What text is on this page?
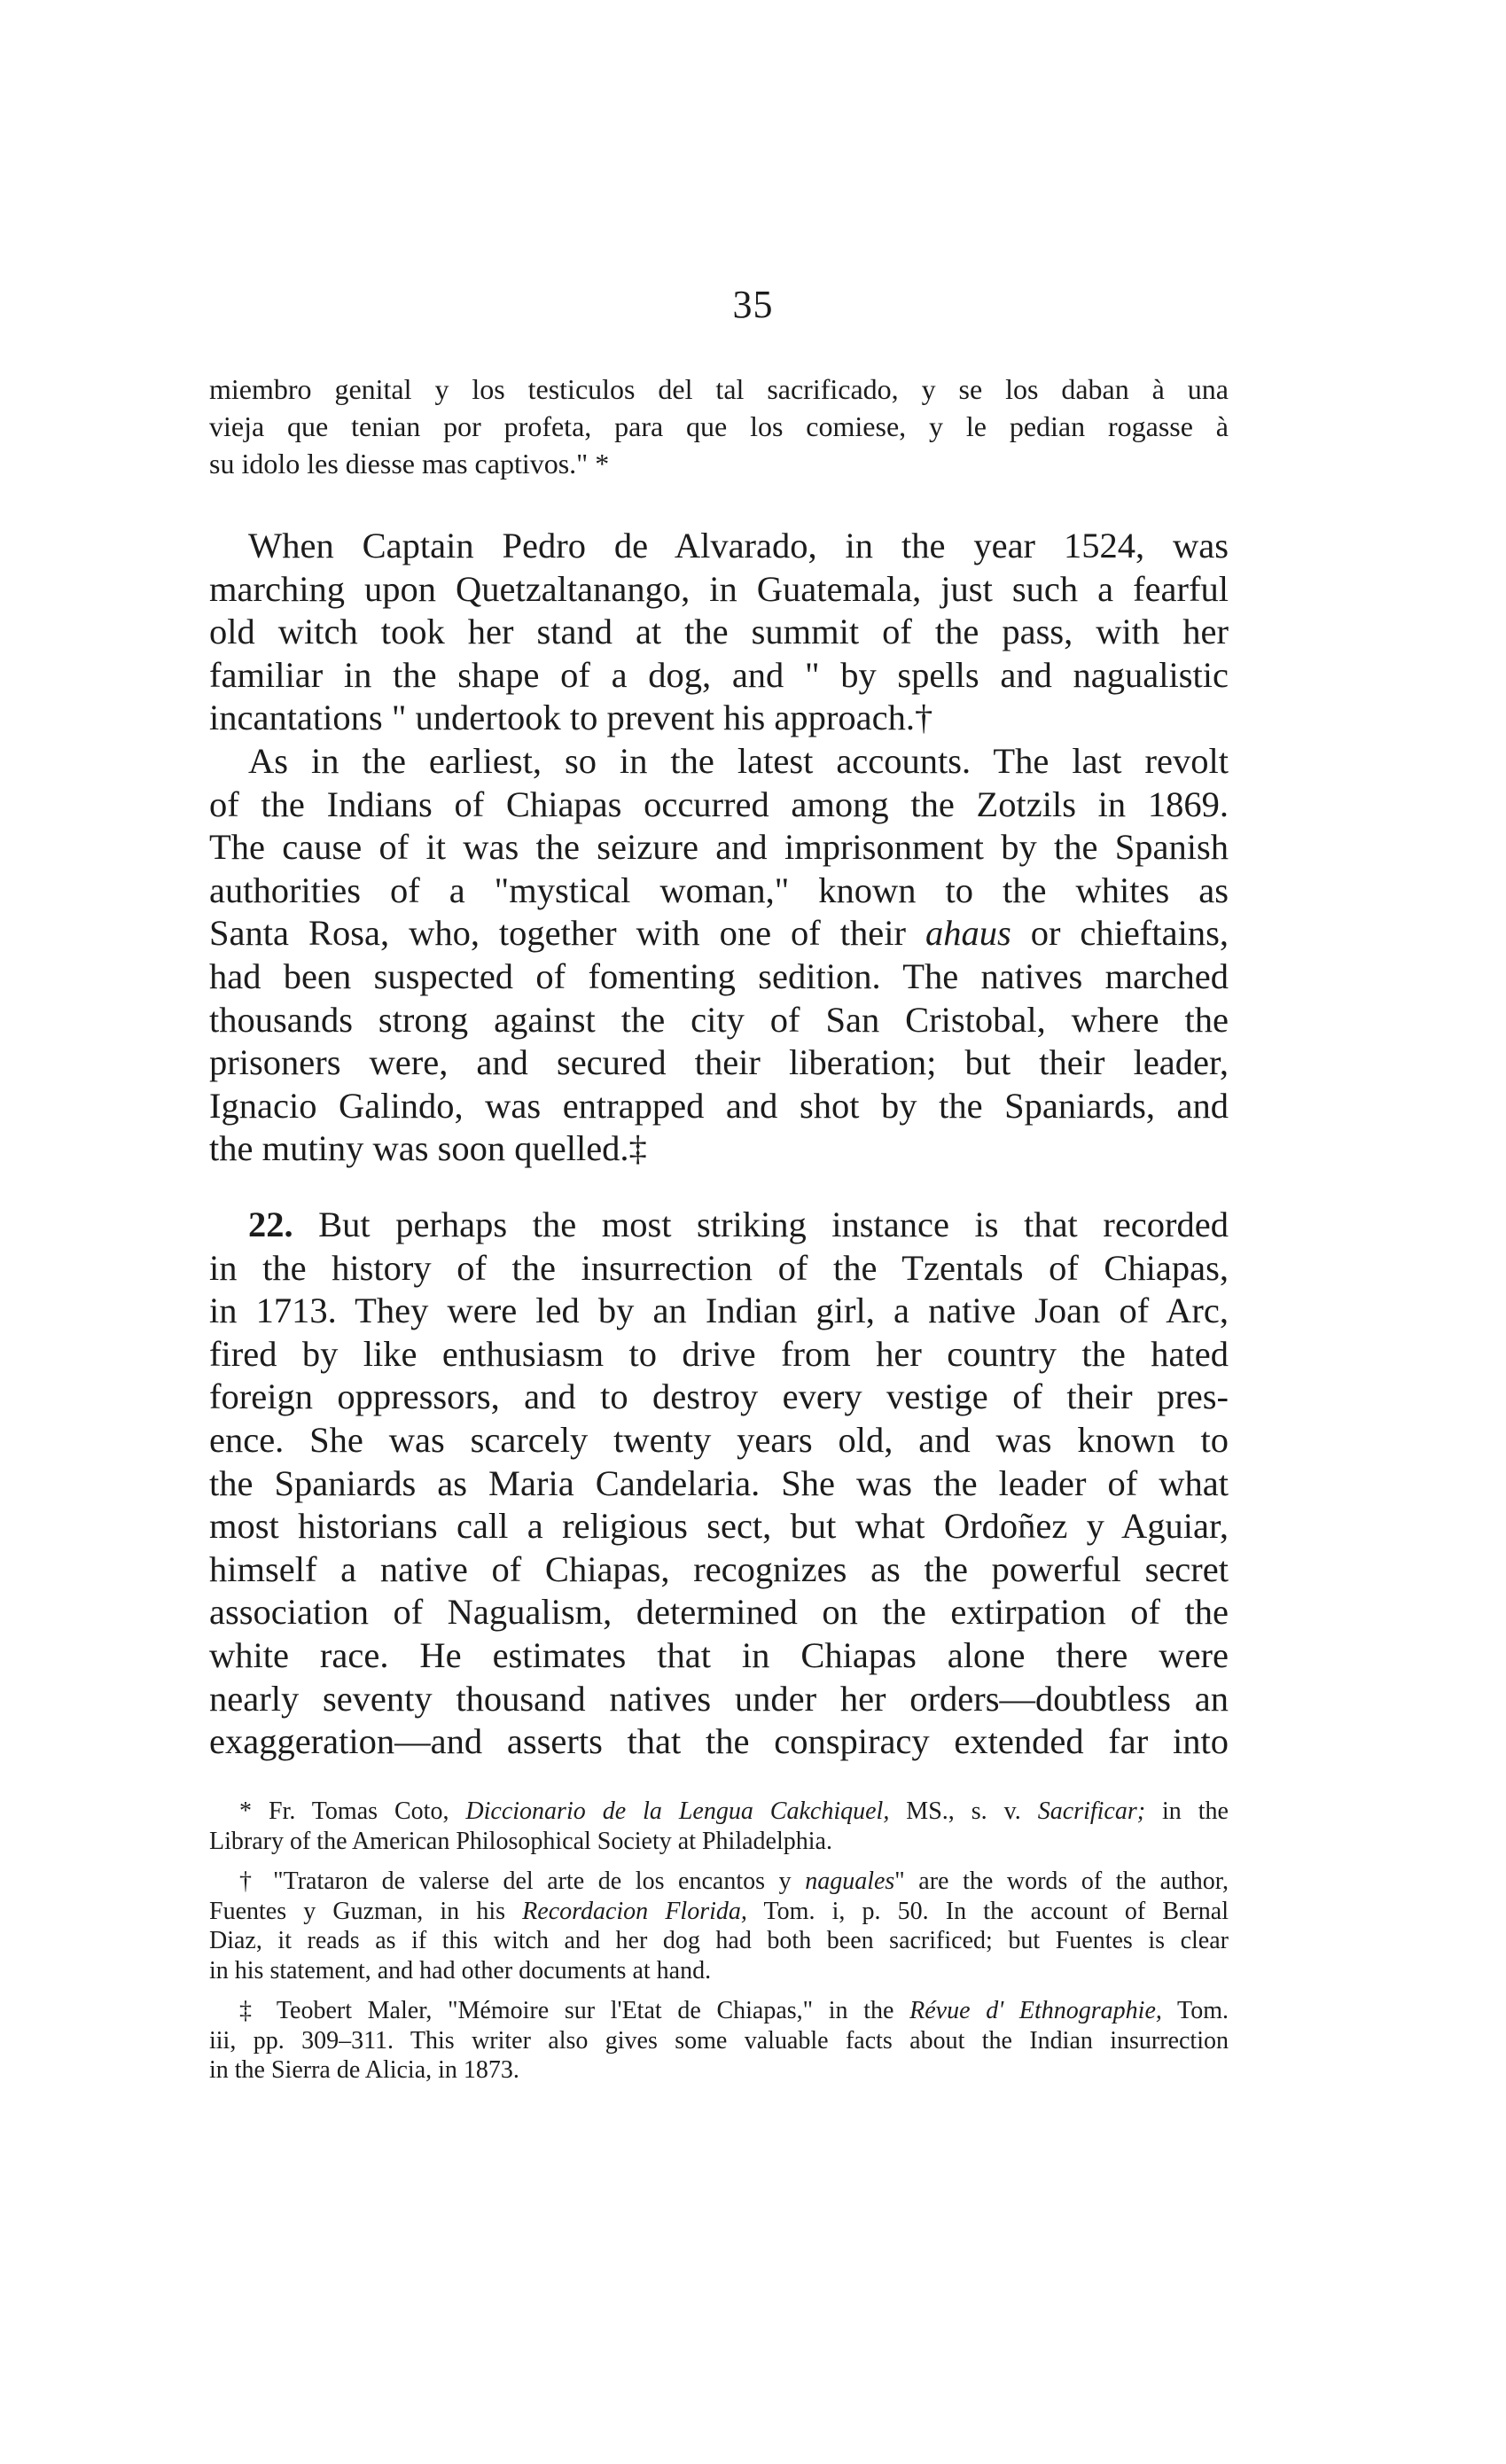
35
miembro genital y los testiculos del tal sacrificado, y se los daban à una
vieja que tenian por profeta, para que los comiese, y le pedian rogasse à
su idolo les diesse mas captivos." *
When Captain Pedro de Alvarado, in the year 1524, was
marching upon Quetzaltanango, in Guatemala, just such a fearful
old witch took her stand at the summit of the pass, with her
familiar in the shape of a dog, and " by spells and nagualistic
incantations " undertook to prevent his approach.†
As in the earliest, so in the latest accounts. The last revolt
of the Indians of Chiapas occurred among the Zotzils in 1869.
The cause of it was the seizure and imprisonment by the Spanish
authorities of a "mystical woman," known to the whites as
Santa Rosa, who, together with one of their ahaus or chieftains,
had been suspected of fomenting sedition. The natives marched
thousands strong against the city of San Cristobal, where the
prisoners were, and secured their liberation; but their leader,
Ignacio Galindo, was entrapped and shot by the Spaniards, and
the mutiny was soon quelled.‡
22. But perhaps the most striking instance is that recorded
in the history of the insurrection of the Tzentals of Chiapas,
in 1713. They were led by an Indian girl, a native Joan of Arc,
fired by like enthusiasm to drive from her country the hated
foreign oppressors, and to destroy every vestige of their pres-
ence. She was scarcely twenty years old, and was known to
the Spaniards as Maria Candelaria. She was the leader of what
most historians call a religious sect, but what Ordoñez y Aguiar,
himself a native of Chiapas, recognizes as the powerful secret
association of Nagualism, determined on the extirpation of the
white race. He estimates that in Chiapas alone there were
nearly seventy thousand natives under her orders—doubtless an
exaggeration—and asserts that the conspiracy extended far into
* Fr. Tomas Coto, Diccionario de la Lengua Cakchiquel, MS., s. v. Sacrificar; in the
Library of the American Philosophical Society at Philadelphia.
† "Trataron de valerse del arte de los encantos y naguales" are the words of the author,
Fuentes y Guzman, in his Recordacion Florida, Tom. i, p. 50. In the account of Bernal
Diaz, it reads as if this witch and her dog had both been sacrificed; but Fuentes is clear
in his statement, and had other documents at hand.
‡ Teobert Maler, "Mémoire sur l'Etat de Chiapas," in the Révue d' Ethnographie, Tom.
iii, pp. 309–311. This writer also gives some valuable facts about the Indian insurrection
in the Sierra de Alicia, in 1873.
